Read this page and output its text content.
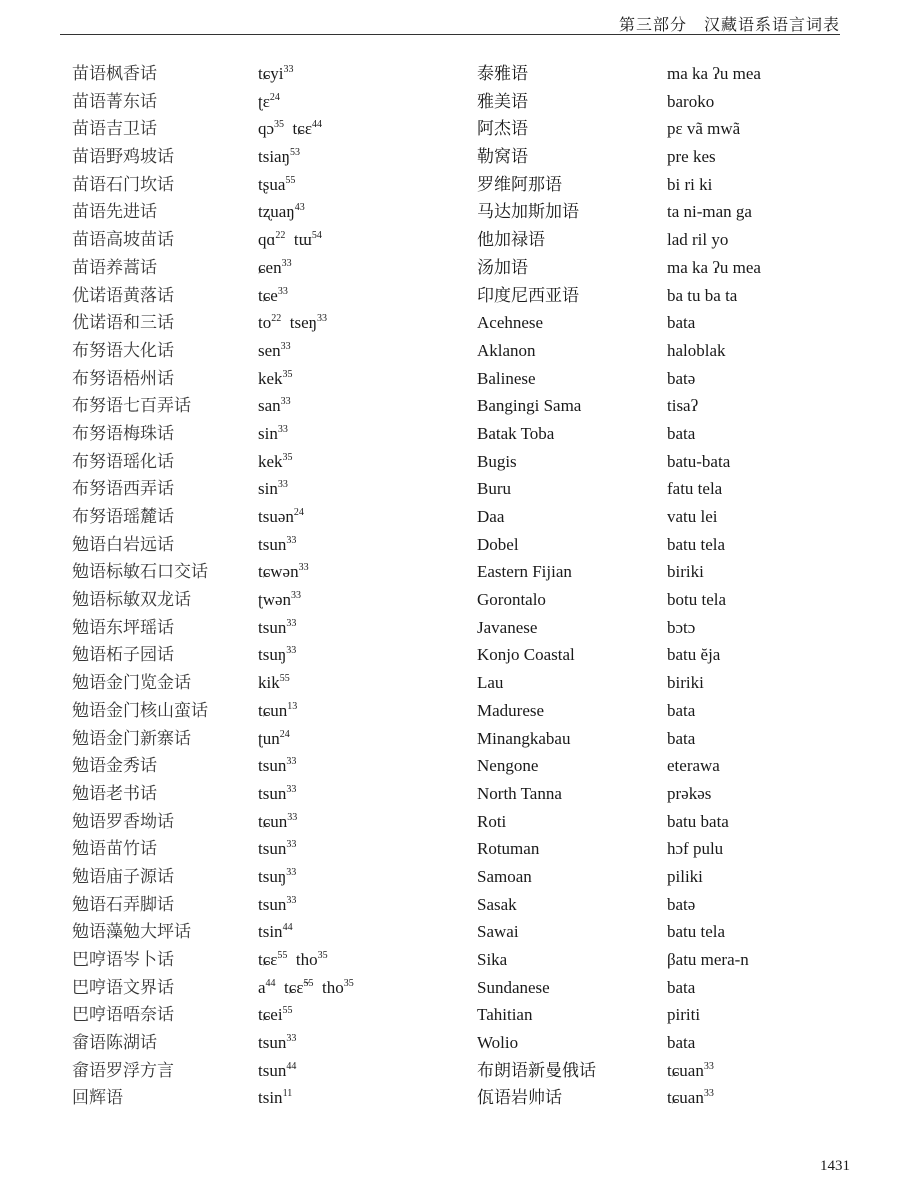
第三部分　汉藏语系语言词表
苗语枫香话	tɕyi$^{33}$	泰雅语	ma ka ʔu mea
苗语菁东话	ʈɛ$^{24}$	雅美语	baroko
苗语吉卫话	qɔ$^{35}$  tɕɛ$^{44}$	阿杰语	pɛ vã mwã
苗语野鸡坡话	tsiaŋ$^{53}$	勒窝语	pre kes
苗语石门坎话	tʂua$^{55}$	罗维阿那语	bi ri ki
苗语先进话	tʐuaŋ$^{43}$	马达加斯加语	ta ni-man ga
苗语高坡苗话	qɑ$^{22}$  tɯ$^{54}$	他加禄语	lad ril yo
苗语养蒿话	ɕen$^{33}$	汤加语	ma ka ʔu mea
优诺语黄落话	tɕe$^{33}$	印度尼西亚语	ba tu ba ta
优诺语和三话	$to^{22}$  tseŋ$^{33}$	Acehnese	bata
布努语大化话	sen$^{33}$	Aklanon	haloblak
布努语梧州话	kek$^{35}$	Balinese	batə
布努语七百弄话	san$^{33}$	Bangingi Sama	tisaʔ
布努语梅珠话	$\sin^{33}$	Batak Toba	bata
布努语瑶化话	kek$^{35}$	Bugis	batu-bata
布努语西弄话	$\sin^{33}$	Buru	fatu tela
布努语瑶麓话	tsuən$^{24}$	Daa	vatu lei
勉语白岩远话	tsun$^{33}$	Dobel	batu tela
勉语标敏石口交话	tɕwən$^{33}$	Eastern Fijian	biriki
勉语标敏双龙话	ʈwən$^{33}$	Gorontalo	botu tela
勉语东坪瑶话	tsun$^{33}$	Javanese	bɔtɔ
勉语柘子园话	tsuŋ$^{33}$	Konjo Coastal	batu ĕja
勉语金门览金话	kik$^{55}$	Lau	biriki
勉语金门核山蛮话	tɕun$^{13}$	Madurese	bata
勉语金门新寨话	ʈun$^{24}$	Minangkabau	bata
勉语金秀话	tsun$^{33}$	Nengone	eterawa
勉语老书话	tsun$^{33}$	North Tanna	prəkəs
勉语罗香坳话	tɕun$^{33}$	Roti	batu bata
勉语苗竹话	tsun$^{33}$	Rotuman	hɔf pulu
勉语庙子源话	tsuŋ$^{33}$	Samoan	piliki
勉语石弄脚话	tsun$^{33}$	Sasak	batə
勉语藻勉大坪话	tsin$^{44}$	Sawai	batu tela
巴哼语岑卜话	tɕɛ$^{55}$  tho$^{35}$	Sika	βatu mera-n
巴哼语文界话	$a^{44}$  tɕɛ̃$^{55}$  tho$^{35}$	Sundanese	bata
巴哼语唔奈话	tɕei$^{55}$	Tahitian	piriti
畲语陈湖话	tsun$^{33}$	Wolio	bata
畲语罗浮方言	tsun$^{44}$	布朗语新曼俄话	tɕuan$^{33}$
回辉语	tsin$^{11}$	佤语岩帅话	tɕuan$^{33}$
1431
